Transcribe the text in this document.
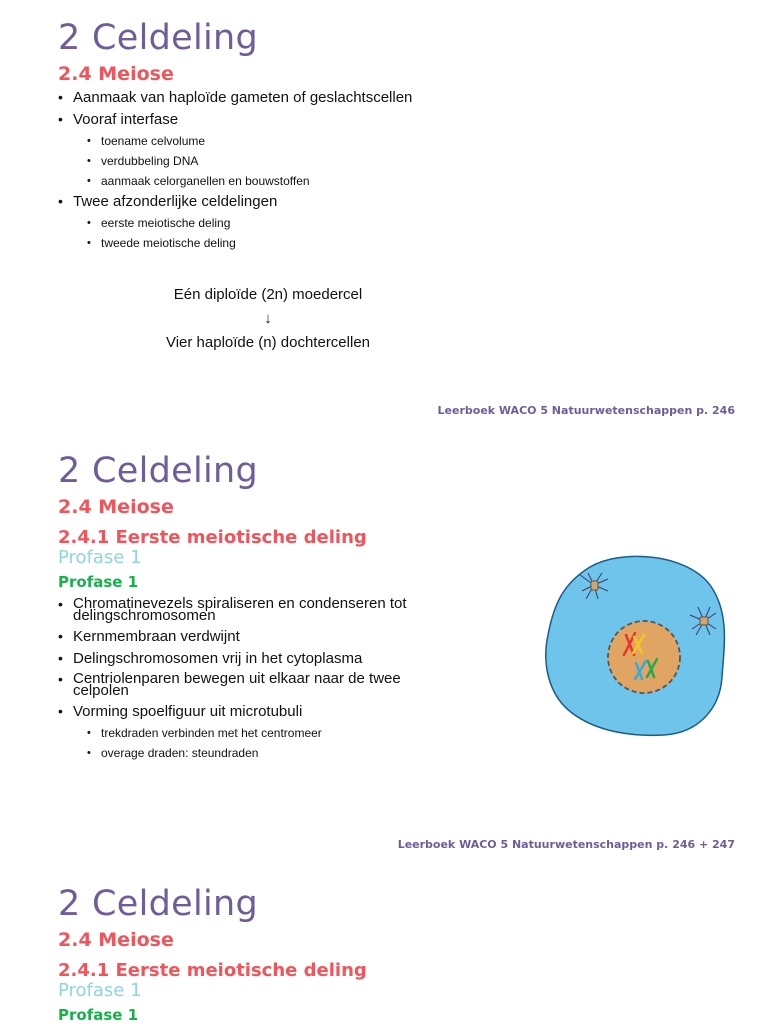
2 Celdeling
2.4 Meiose
• Aanmaak van haploïde gameten of geslachtscellen
• Vooraf interfase
• toename celvolume
• verdubbeling DNA
• aanmaak celorganellen en bouwstoffen
• Twee afzonderlijke celdelingen
• eerste meiotische deling
• tweede meiotische deling
Eén diploïde (2n) moedercel
↓
Vier haploïde (n) dochtercellen
Leerboek WACO 5 Natuurwetenschappen p. 246
2 Celdeling
2.4 Meiose
2.4.1 Eerste meiotische deling
Profase 1
Profase 1
• Chromatinevezels spiraliseren en condenseren tot delingschromosomen
• Kernmembraan verdwijnt
• Delingschromosomen vrij in het cytoplasma
• Centriolenparen bewegen uit elkaar naar de twee celpolen
• Vorming spoelfiguur uit microtubuli
• trekdraden verbinden met het centromeer
• overage draden: steundraden
Leerboek WACO 5 Natuurwetenschappen p. 246 + 247
2 Celdeling
2.4 Meiose
2.4.1 Eerste meiotische deling
Profase 1
Profase 1
